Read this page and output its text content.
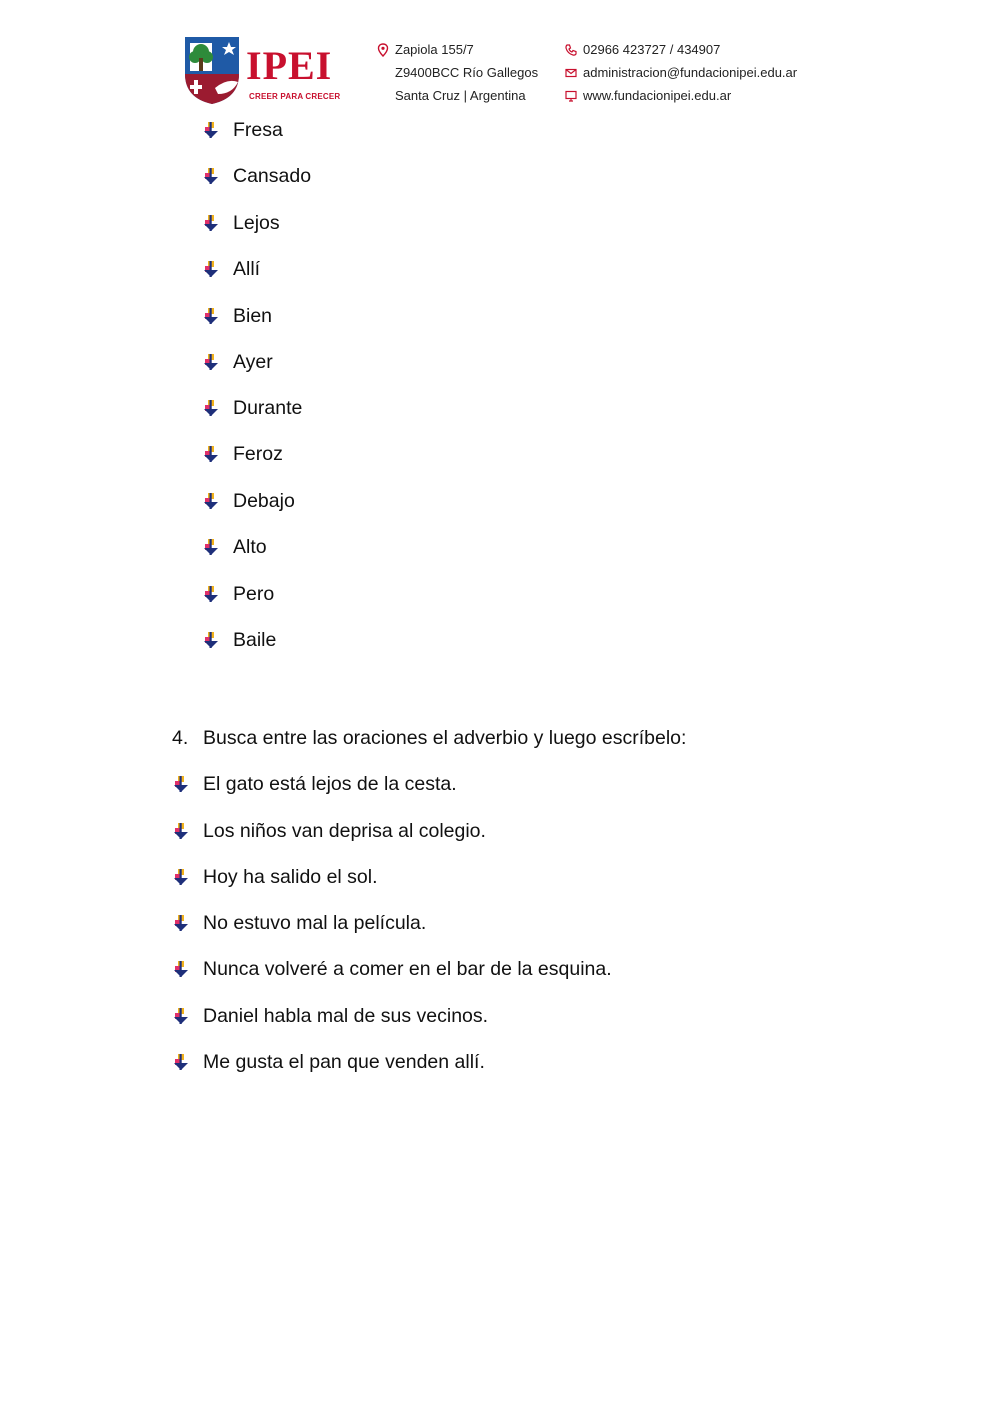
IPEI
CREER PARA CRECER
Zapiola 155/7
Z9400BCC Río Gallegos
Santa Cruz | Argentina
02966 423727 / 434907
administracion@fundacionipei.edu.ar
www.fundacionipei.edu.ar
Fresa
Cansado
Lejos
Allí
Bien
Ayer
Durante
Feroz
Debajo
Alto
Pero
Baile
4. Busca entre las oraciones el adverbio y luego escríbelo:
El gato está lejos de la cesta.
Los niños van deprisa al colegio.
Hoy ha salido el sol.
No estuvo mal la película.
Nunca volveré a comer en el bar de la esquina.
Daniel habla mal de sus vecinos.
Me gusta el pan que venden allí.
